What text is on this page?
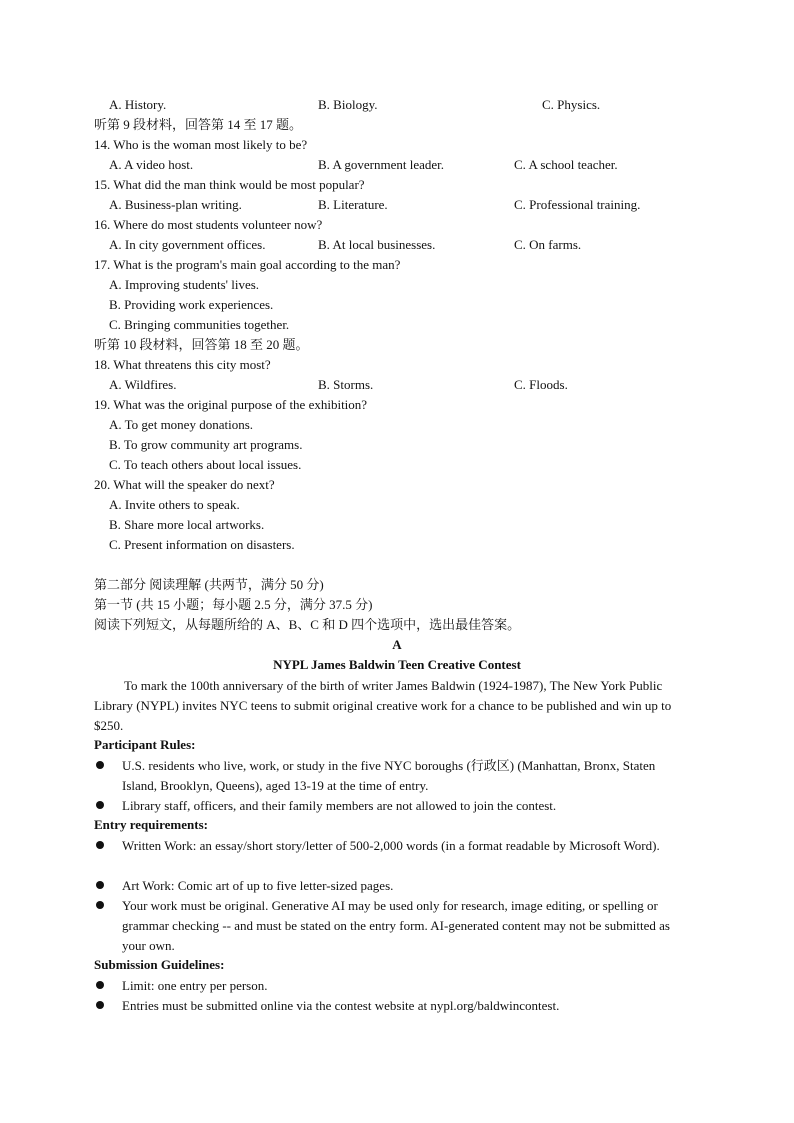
A. History.	B. Biology.	C. Physics.
听第 9 段材料，回答第 14 至 17 题。
14. Who is the woman most likely to be?
A. A video host.	B. A government leader.	C. A school teacher.
15. What did the man think would be most popular?
A. Business-plan writing.	B. Literature.	C. Professional training.
16. Where do most students volunteer now?
A. In city government offices.	B. At local businesses.	C. On farms.
17. What is the program's main goal according to the man?
A. Improving students' lives.
B. Providing work experiences.
C. Bringing communities together.
听第 10 段材料，回答第 18 至 20 题。
18. What threatens this city most?
A. Wildfires.	B. Storms.	C. Floods.
19. What was the original purpose of the exhibition?
A. To get money donations.
B. To grow community art programs.
C. To teach others about local issues.
20. What will the speaker do next?
A. Invite others to speak.
B. Share more local artworks.
C. Present information on disasters.
第二部分 阅读理解 (共两节，满分 50 分)
第一节 (共 15 小题；每小题 2.5 分，满分 37.5 分)
阅读下列短文，从每题所给的 A、B、C 和 D 四个选项中，选出最佳答案。
A
NYPL James Baldwin Teen Creative Contest
To mark the 100th anniversary of the birth of writer James Baldwin (1924-1987), The New York Public Library (NYPL) invites NYC teens to submit original creative work for a chance to be published and win up to $250.
Participant Rules:
U.S. residents who live, work, or study in the five NYC boroughs (行政区) (Manhattan, Bronx, Staten Island, Brooklyn, Queens), aged 13-19 at the time of entry.
Library staff, officers, and their family members are not allowed to join the contest.
Entry requirements:
Written Work: an essay/short story/letter of 500-2,000 words (in a format readable by Microsoft Word).
Art Work: Comic art of up to five letter-sized pages.
Your work must be original. Generative AI may be used only for research, image editing, or spelling or grammar checking -- and must be stated on the entry form. AI-generated content may not be submitted as your own.
Submission Guidelines:
Limit: one entry per person.
Entries must be submitted online via the contest website at nypl.org/baldwincontest.
